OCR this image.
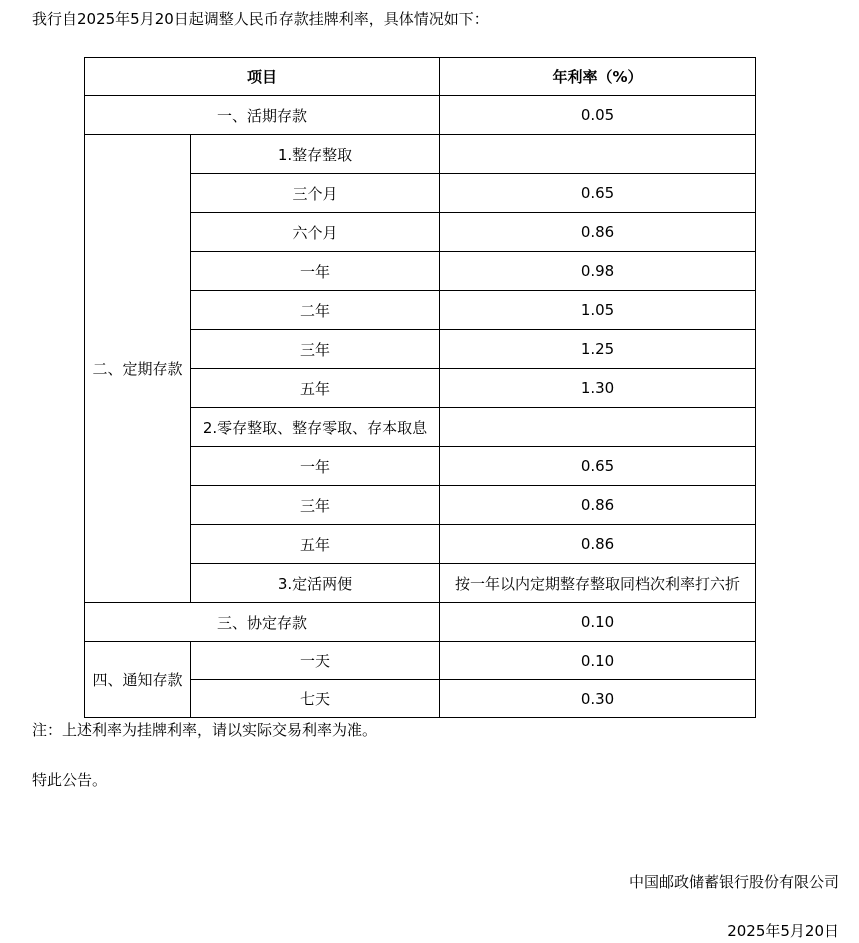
我行自2025年5月20日起调整人民币存款挂牌利率，具体情况如下：
项目		年利率（%）
一、活期存款		0.05
二、定期存款	1.整存整取	
	三个月	0.65
	六个月	0.86
	一年	0.98
	二年	1.05
	三年	1.25
	五年	1.30
	2.零存整取、整存零取、存本取息	
	一年	0.65
	三年	0.86
	五年	0.86
	3.定活两便	按一年以内定期整存整取同档次利率打六折
三、协定存款		0.10
四、通知存款	一天	0.10
	七天	0.30
注：上述利率为挂牌利率，请以实际交易利率为准。
特此公告。
中国邮政储蓄银行股份有限公司
2025年5月20日
